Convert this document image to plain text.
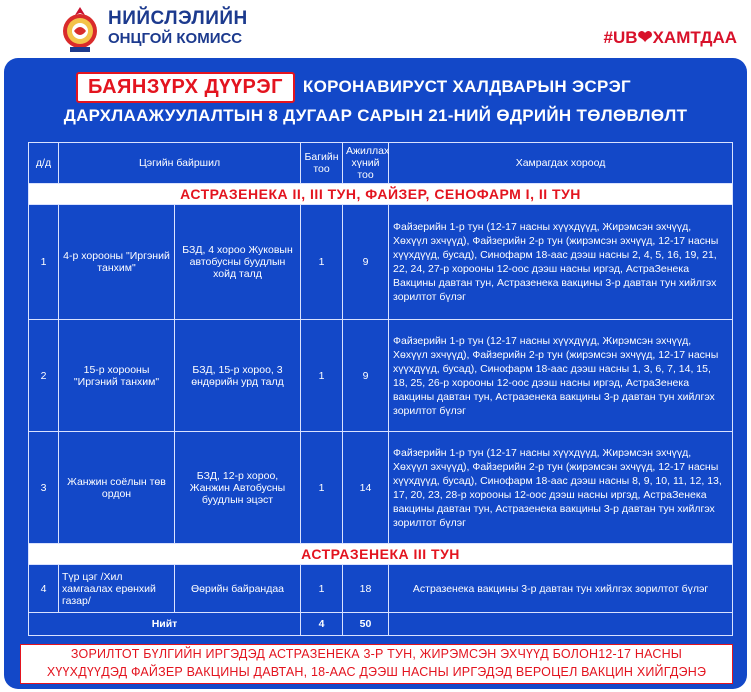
НИЙСЛЭЛИЙН
ОНЦГОЙ КОМИСС	#UB❤ХАМТДАА
БАЯНЗҮРХ ДҮҮРЭГ	КОРОНАВИРУСТ ХАЛДВАРЫН ЭСРЭГ
ДАРХЛААЖУУЛАЛТЫН 8 ДУГААР САРЫН 21-НИЙ ӨДРИЙН ТӨЛӨВЛӨЛТ
д/д	Цэгийн байршил		Багийн тоо	Ажиллах хүний тоо	Хамрагдах хороод
АСТРАЗЕНЕКА II, III ТУН, ФАЙЗЕР, СЕНОФАРМ I, II ТУН					
1	4-р хорооны "Иргэний танхим"	БЗД, 4 хороо Жуковын автобусны буудлын хойд талд	1	9	Файзерийн 1-р тун (12-17 насны хүүхдүүд, Жирэмсэн эхчүүд, Хөхүүл эхчүүд), Файзерийн 2-р тун (жирэмсэн эхчүүд, 12-17 насны хүүхдүүд, бусад), Синофарм 18-аас дээш насны 2, 4, 5, 16, 19, 21, 22, 24, 27-р хорооны 12-оос дээш насны иргэд, АстраЗенека Вакцины давтан тун, Астразенека вакцины 3-р давтан тун хийлгэх зорилтот бүлэг
2	15-р хорооны "Иргэний танхим"	БЗД, 15-р хороо, 3 өндөрийн урд талд	1	9	Файзерийн 1-р тун (12-17 насны хүүхдүүд, Жирэмсэн эхчүүд, Хөхүүл эхчүүд), Файзерийн 2-р тун (жирэмсэн эхчүүд, 12-17 насны хүүхдүүд, бусад), Синофарм 18-аас дээш насны 1, 3, 6, 7, 14, 15, 18, 25, 26-р хорооны 12-оос дээш насны иргэд, АстраЗенека вакцины давтан тун, Астразенека вакцины 3-р давтан тун хийлгэх зорилтот бүлэг
3	Жанжин соёлын төв ордон	БЗД, 12-р хороо, Жанжин Автобусны буудлын эцэст	1	14	Файзерийн 1-р тун (12-17 насны хүүхдүүд, Жирэмсэн эхчүүд, Хөхүүл эхчүүд), Файзерийн 2-р тун (жирэмсэн эхчүүд, 12-17 насны хүүхдүүд, бусад), Синофарм 18-аас дээш насны 8, 9, 10, 11, 12, 13, 17, 20, 23, 28-р хорооны 12-оос дээш насны иргэд, АстраЗенека вакцины давтан тун, Астразенека вакцины 3-р давтан тун хийлгэх зорилтот бүлэг
АСТРАЗЕНЕКА III ТУН					
4	Түр цэг /Хил хамгаалах ерөнхий газар/	Өөрийн байрандаа	1	18	Астразенека вакцины 3-р давтан тун хийлгэх зорилтот бүлэг
Нийт			4	50	
ЗОРИЛТОТ БҮЛГИЙН ИРГЭДЭД АСТРАЗЕНЕКА 3-Р ТУН, ЖИРЭМСЭН ЭХЧҮҮД БОЛОН12-17 НАСНЫ
ХҮҮХДҮҮДЭД ФАЙЗЕР ВАКЦИНЫ ДАВТАН, 18-ААС ДЭЭШ НАСНЫ ИРГЭДЭД ВЕРОЦЕЛ ВАКЦИН ХИЙГДЭНЭ
